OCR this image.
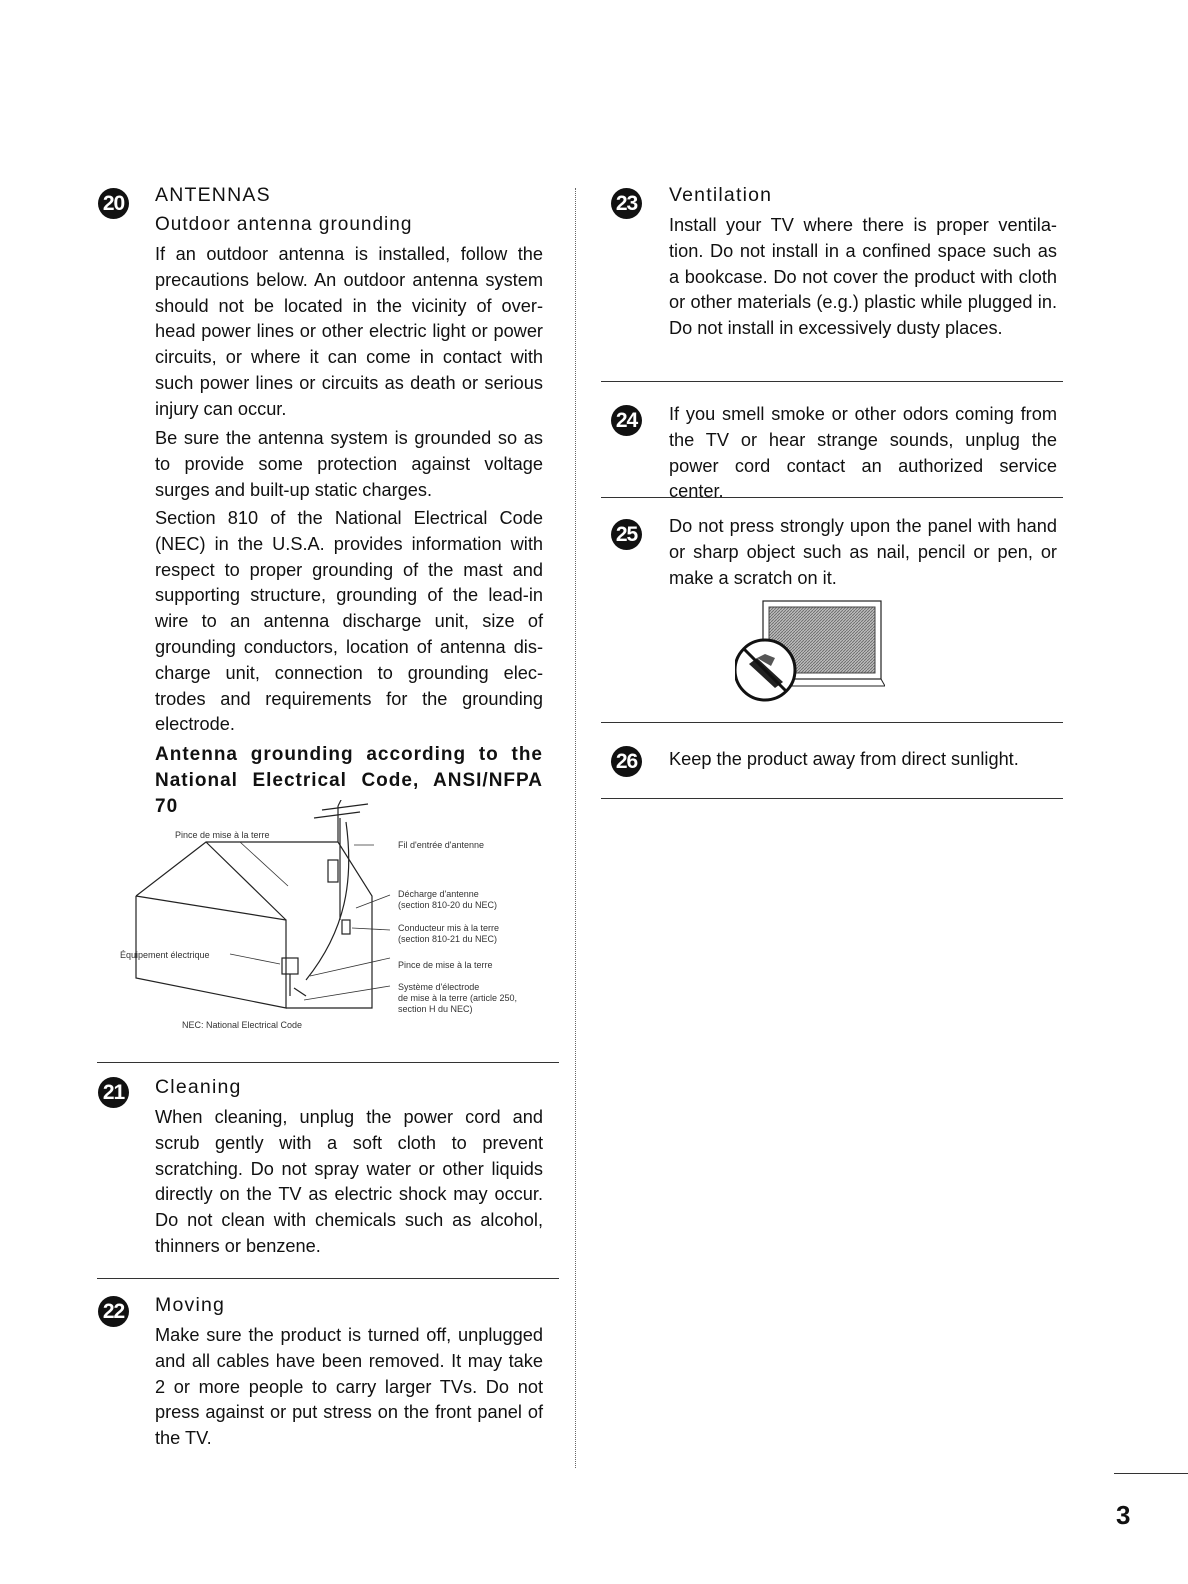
20 ANTENNAS
Outdoor antenna grounding

If an outdoor antenna is installed, follow the precautions below. An outdoor antenna system should not be located in the vicinity of over-head power lines or other electric light or power circuits, or where it can come in contact with such power lines or circuits as death or serious injury can occur.

Be sure the antenna system is grounded so as to provide some protection against voltage surges and built-up static charges.

Section 810 of the National Electrical Code (NEC) in the U.S.A. provides information with respect to proper grounding of the mast and supporting structure, grounding of the lead-in wire to an antenna discharge unit, size of grounding conductors, location of antenna dis-charge unit, connection to grounding elec-trodes and requirements for the grounding electrode.

Antenna grounding according to the National Electrical Code, ANSI/NFPA 70

Pince de mise à la terre
Fil d'entrée d'antenne
Décharge d'antenne
(section 810-20 du NEC)
Conducteur mis à la terre
(section 810-21 du NEC)
Équipement électrique
Pince de mise à la terre
Système d'électrode
de mise à la terre (article 250,
section H du NEC)
NEC: National Electrical Code
21 Cleaning

When cleaning, unplug the power cord and scrub gently with a soft cloth to prevent scratching. Do not spray water or other liquids directly on the TV as electric shock may occur. Do not clean with chemicals such as alcohol, thinners or benzene.

22 Moving

Make sure the product is turned off, unplugged and all cables have been removed. It may take 2 or more people to carry larger TVs. Do not press against or put stress on the front panel of the TV.

23 Ventilation

Install your TV where there is proper ventila-tion. Do not install in a confined space such as a bookcase. Do not cover the product with cloth or other materials (e.g.) plastic while plugged in. Do not install in excessively dusty places.

24 If you smell smoke or other odors coming from the TV or hear strange sounds, unplug the power cord contact an authorized service center.

25 Do not press strongly upon the panel with hand or sharp object such as nail, pencil or pen, or make a scratch on it.

26 Keep the product away from direct sunlight.

3
